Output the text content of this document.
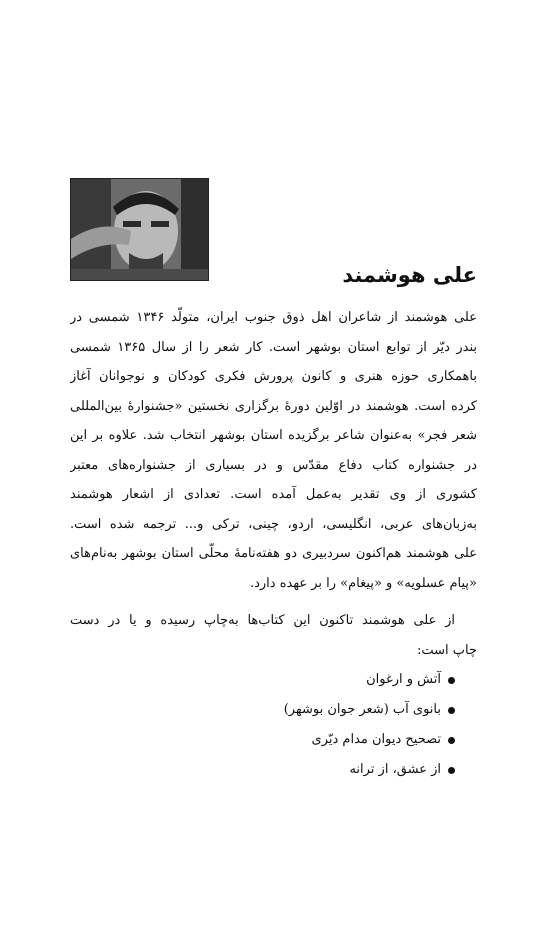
علی هوشمند
علی هوشمند از شاعران اهل ذوق جنوب ایران، متولّد ۱۳۴۶ شمسی در
بندر دیّر از توابع استان بوشهر است. کار شعر را از سال ۱۳۶۵ شمسی
باهمکاری حوزه هنری و کانون پرورش فکری کودکان و نوجوانان آغاز
کرده است. هوشمند در اوّلین دورهٔ برگزاری نخستین «جشنوارهٔ بین‌المللی
شعر فجر» به‌عنوان شاعر برگزیده استان بوشهر انتخاب شد. علاوه بر این
در جشنواره کتاب دفاع مقدّس و در بسیاری از جشنواره‌های معتبر
کشوری از وی تقدیر به‌عمل آمده است. تعدادی از اشعار هوشمند
به‌زبان‌های عربی، انگلیسی، اردو، چینی، ترکی و... ترجمه شده است.
علی هوشمند هم‌اکنون سردبیری دو هفته‌نامهٔ محلّی استان بوشهر به‌نام‌های
«پیام عسلویه» و «پیغام» را بر عهده دارد.
از علی هوشمند تاکنون این کتاب‌ها به‌چاپ رسیده و یا در دست
چاپ است:
آتش و ارغوان
بانوی آب (شعر جوان بوشهر)
تصحیح دیوان مدام دیّری
از عشق، از ترانه
